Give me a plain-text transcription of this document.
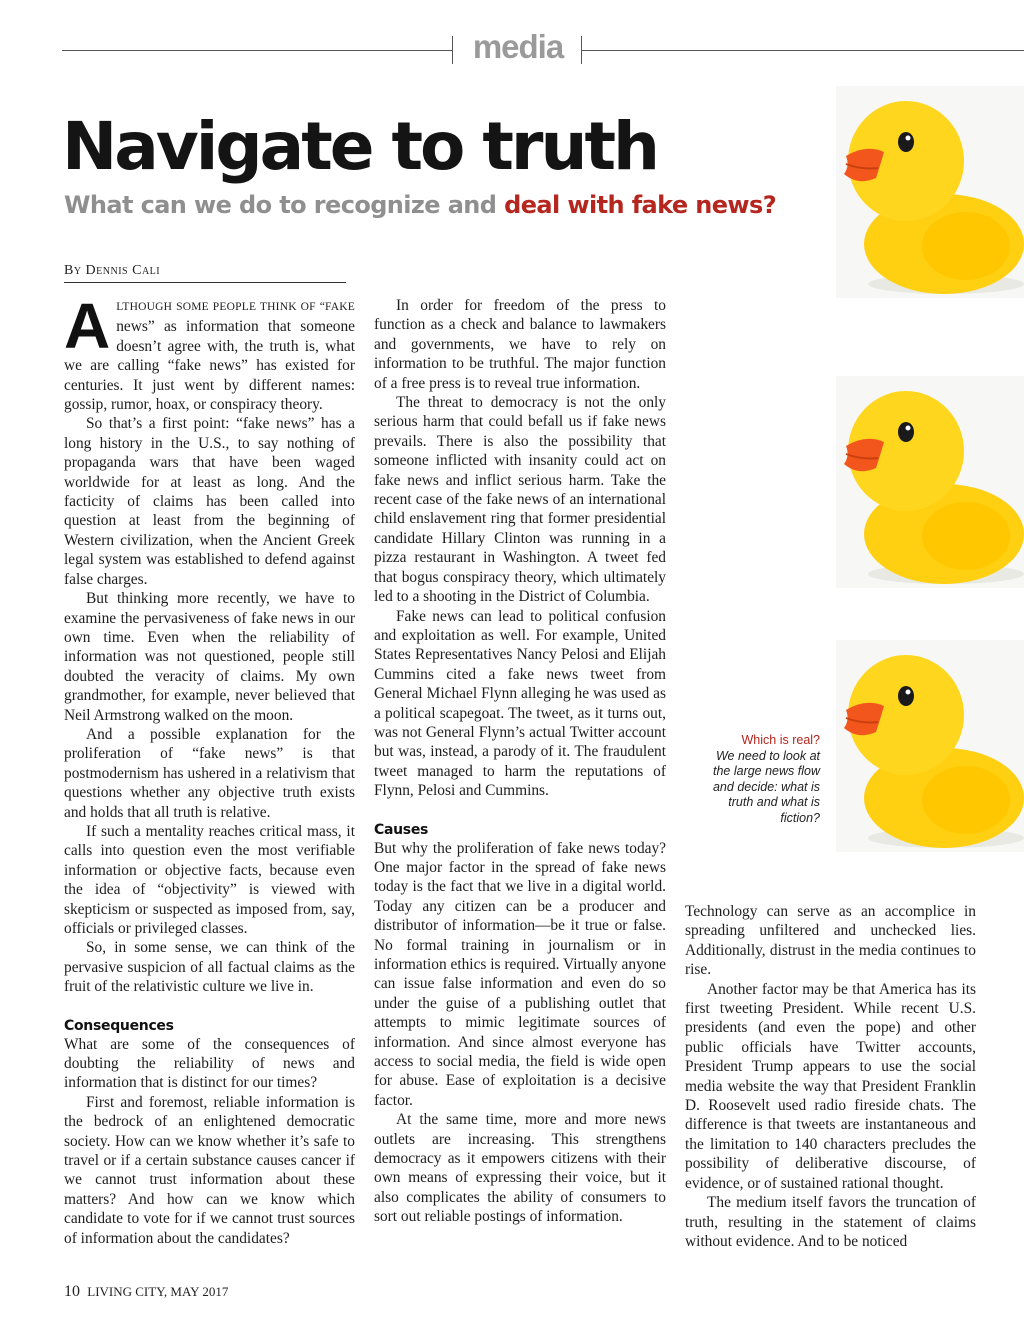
media
Navigate to truth
What can we do to recognize and deal with fake news?
By Dennis Cali

ALTHOUGH SOME PEOPLE THINK OF “FAKE news” as information that someone doesn’t agree with, the truth is, what we are calling “fake news” has existed for centuries. It just went by different names: gossip, rumor, hoax, or conspiracy theory.

So that’s a first point: “fake news” has a long history in the U.S., to say nothing of propaganda wars that have been waged worldwide for at least as long. And the facticity of claims has been called into question at least from the beginning of Western civilization, when the Ancient Greek legal system was established to defend against false charges.

But thinking more recently, we have to examine the pervasiveness of fake news in our own time. Even when the reliability of information was not questioned, people still doubted the veracity of claims. My own grandmother, for example, never believed that Neil Armstrong walked on the moon.

And a possible explanation for the proliferation of “fake news” is that postmodernism has ushered in a relativism that questions whether any objective truth exists and holds that all truth is relative.

If such a mentality reaches critical mass, it calls into question even the most verifiable information or objective facts, because even the idea of “objectivity” is viewed with skepticism or suspected as imposed from, say, officials or privileged classes.

So, in some sense, we can think of the pervasive suspicion of all factual claims as the fruit of the relativistic culture we live in.

Consequences

What are some of the consequences of doubting the reliability of news and information that is distinct for our times?

First and foremost, reliable information is the bedrock of an enlightened democratic society. How can we know whether it’s safe to travel or if a certain substance causes cancer if we cannot trust information about these matters? And how can we know which candidate to vote for if we cannot trust sources of information about the candidates?

In order for freedom of the press to function as a check and balance to lawmakers and governments, we have to rely on information to be truthful. The major function of a free press is to reveal true information.

The threat to democracy is not the only serious harm that could befall us if fake news prevails. There is also the possibility that someone inflicted with insanity could act on fake news and inflict serious harm. Take the recent case of the fake news of an international child enslavement ring that former presidential candidate Hillary Clinton was running in a pizza restaurant in Washington. A tweet fed that bogus conspiracy theory, which ultimately led to a shooting in the District of Columbia.

Fake news can lead to political confusion and exploitation as well. For example, United States Representatives Nancy Pelosi and Elijah Cummins cited a fake news tweet from General Michael Flynn alleging he was used as a political scapegoat. The tweet, as it turns out, was not General Flynn’s actual Twitter account but was, instead, a parody of it. The fraudulent tweet managed to harm the reputations of Flynn, Pelosi and Cummins.

Causes

But why the proliferation of fake news today? One major factor in the spread of fake news today is the fact that we live in a digital world. Today any citizen can be a producer and distributor of information—be it true or false. No formal training in journalism or in information ethics is required. Virtually anyone can issue false information and even do so under the guise of a publishing outlet that attempts to mimic legitimate sources of information. And since almost everyone has access to social media, the field is wide open for abuse. Ease of exploitation is a decisive factor.

At the same time, more and more news outlets are increasing. This strengthens democracy as it empowers citizens with their own means of expressing their voice, but it also complicates the ability of consumers to sort out reliable postings of information.

Technology can serve as an accomplice in spreading unfiltered and unchecked lies. Additionally, distrust in the media continues to rise.

Another factor may be that America has its first tweeting President. While recent U.S. presidents (and even the pope) and other public officials have Twitter accounts, President Trump appears to use the social media website the way that President Franklin D. Roosevelt used radio fireside chats. The difference is that tweets are instantaneous and the limitation to 140 characters precludes the possibility of deliberative discourse, of evidence, or of sustained rational thought.

The medium itself favors the truncation of truth, resulting in the statement of claims without evidence. And to be noticed

Which is real?
We need to look at the large news flow and decide: what is truth and what is fiction?
10 LIVING CITY, MAY 2017
